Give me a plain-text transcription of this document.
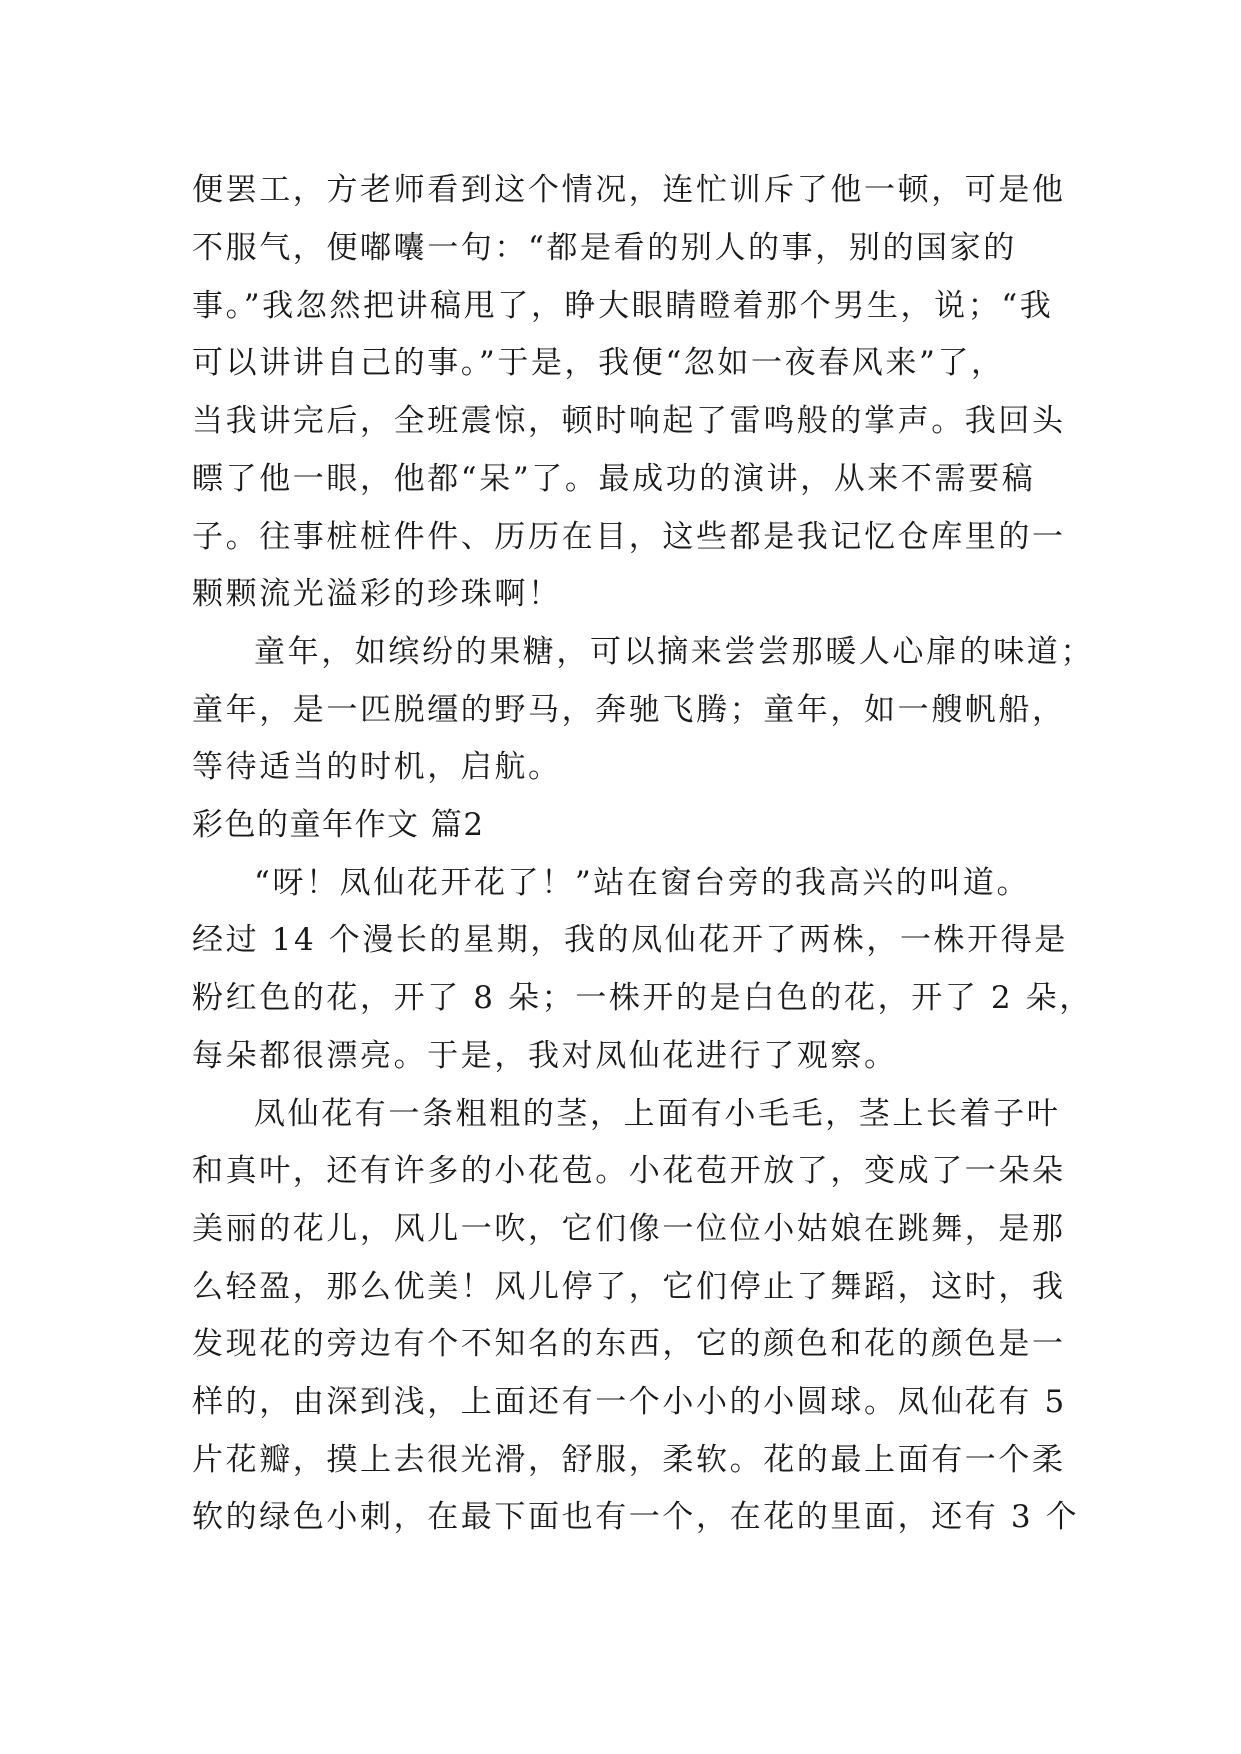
便罢工，方老师看到这个情况，连忙训斥了他一顿，可是他
不服气，便嘟囔一句：“都是看的别人的事，别的国家的
事。”我忽然把讲稿甩了，睁大眼睛瞪着那个男生，说；“我
可以讲讲自己的事。”于是，我便“忽如一夜春风来”了，
当我讲完后，全班震惊，顿时响起了雷鸣般的掌声。我回头
瞟了他一眼，他都“呆”了。最成功的演讲，从来不需要稿
子。往事桩桩件件、历历在目，这些都是我记忆仓库里的一
颗颗流光溢彩的珍珠啊！
童年，如缤纷的果糖，可以摘来尝尝那暖人心扉的味道；
童年，是一匹脱缰的野马，奔驰飞腾；童年，如一艘帆船，
等待适当的时机，启航。
彩色的童年作文 篇2
“呀！凤仙花开花了！”站在窗台旁的我高兴的叫道。
经过 14 个漫长的星期，我的凤仙花开了两株，一株开得是
粉红色的花，开了 8 朵；一株开的是白色的花，开了 2 朵，
每朵都很漂亮。于是，我对凤仙花进行了观察。
凤仙花有一条粗粗的茎，上面有小毛毛，茎上长着子叶
和真叶，还有许多的小花苞。小花苞开放了，变成了一朵朵
美丽的花儿，风儿一吹，它们像一位位小姑娘在跳舞，是那
么轻盈，那么优美！风儿停了，它们停止了舞蹈，这时，我
发现花的旁边有个不知名的东西，它的颜色和花的颜色是一
样的，由深到浅，上面还有一个小小的小圆球。凤仙花有 5
片花瓣，摸上去很光滑，舒服，柔软。花的最上面有一个柔
软的绿色小刺，在最下面也有一个，在花的里面，还有 3 个
